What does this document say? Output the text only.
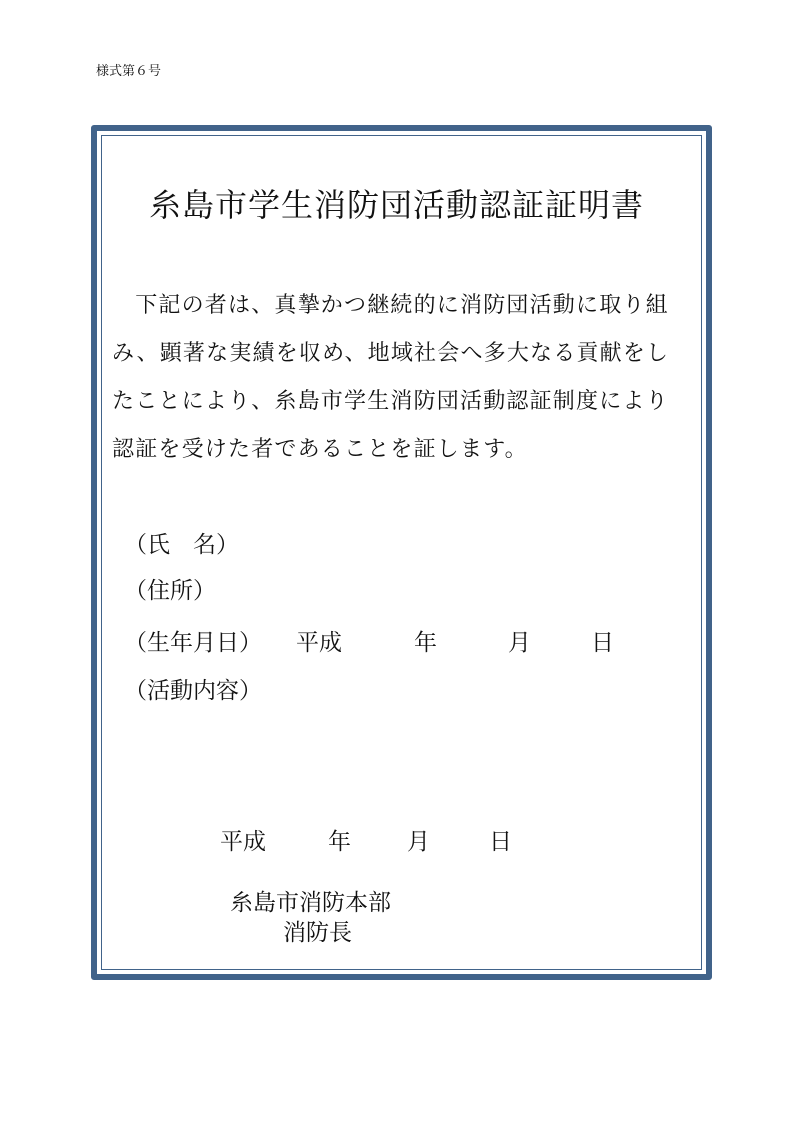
様式第６号
糸島市学生消防団活動認証証明書
　下記の者は、真摯かつ継続的に消防団活動に取り組
み、顕著な実績を収め、地域社会へ多大なる貢献をし
たことにより、糸島市学生消防団活動認証制度により
認証を受けた者であることを証します。
（氏　名）
（住所）
（生年月日） 平成	年	月	日
（活動内容）
平成	年 月	日
糸島市消防本部
消防長
